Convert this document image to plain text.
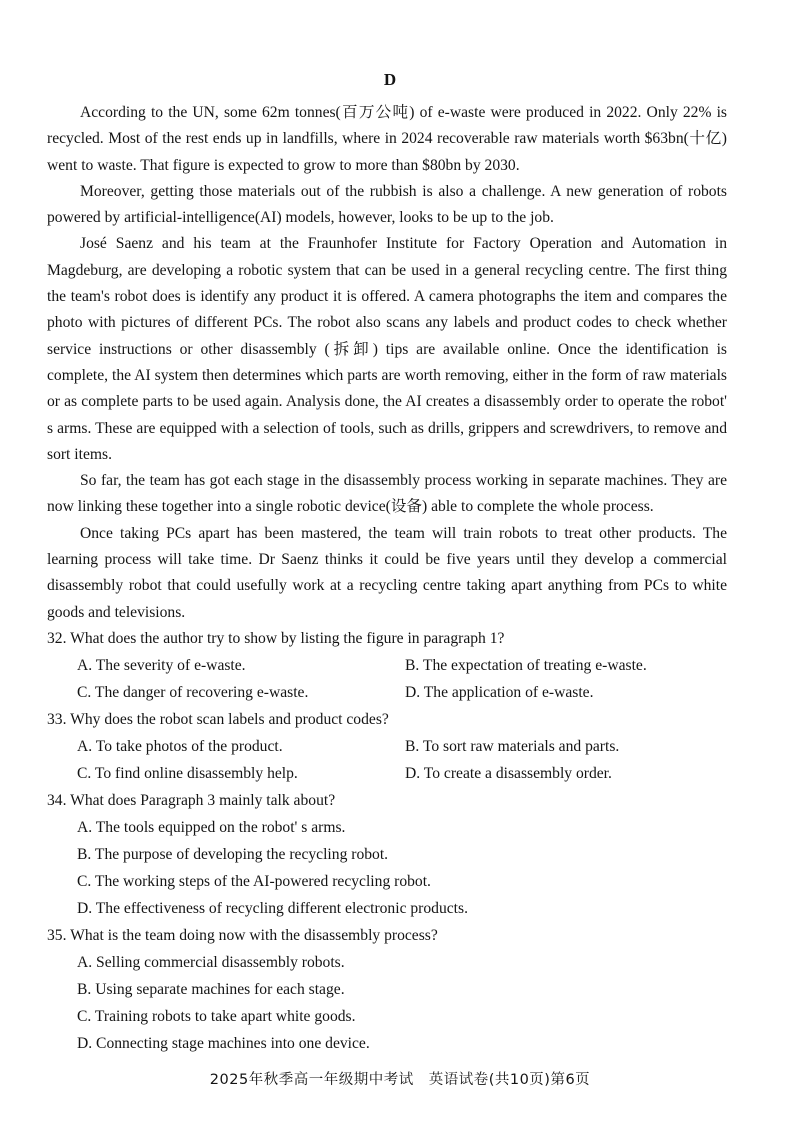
D

According to the UN, some 62m tonnes(百万公吨) of e-waste were produced in 2022. Only 22% is recycled. Most of the rest ends up in landfills, where in 2024 recoverable raw materials worth $63bn(十亿) went to waste. That figure is expected to grow to more than $80bn by 2030.

Moreover, getting those materials out of the rubbish is also a challenge. A new generation of robots powered by artificial-intelligence(AI) models, however, looks to be up to the job.

José Saenz and his team at the Fraunhofer Institute for Factory Operation and Automation in Magdeburg, are developing a robotic system that can be used in a general recycling centre. The first thing the team's robot does is identify any product it is offered. A camera photographs the item and compares the photo with pictures of different PCs. The robot also scans any labels and product codes to check whether service instructions or other disassembly (拆卸) tips are available online. Once the identification is complete, the AI system then determines which parts are worth removing, either in the form of raw materials or as complete parts to be used again. Analysis done, the AI creates a disassembly order to operate the robot' s arms. These are equipped with a selection of tools, such as drills, grippers and screwdrivers, to remove and sort items.

So far, the team has got each stage in the disassembly process working in separate machines. They are now linking these together into a single robotic device(设备) able to complete the whole process.

Once taking PCs apart has been mastered, the team will train robots to treat other products. The learning process will take time. Dr Saenz thinks it could be five years until they develop a commercial disassembly robot that could usefully work at a recycling centre taking apart anything from PCs to white goods and televisions.

32. What does the author try to show by listing the figure in paragraph 1?

A. The severity of e-waste.	B. The expectation of treating e-waste.
C. The danger of recovering e-waste.	D. The application of e-waste.

33. Why does the robot scan labels and product codes?

A. To take photos of the product.	B. To sort raw materials and parts.
C. To find online disassembly help.	D. To create a disassembly order.

34. What does Paragraph 3 mainly talk about?

A. The tools equipped on the robot' s arms.
B. The purpose of developing the recycling robot.
C. The working steps of the AI-powered recycling robot.
D. The effectiveness of recycling different electronic products.

35. What is the team doing now with the disassembly process?

A. Selling commercial disassembly robots.
B. Using separate machines for each stage.
C. Training robots to take apart white goods.
D. Connecting stage machines into one device.
2025年秋季高一年级期中考试　英语试卷(共10页)第6页
